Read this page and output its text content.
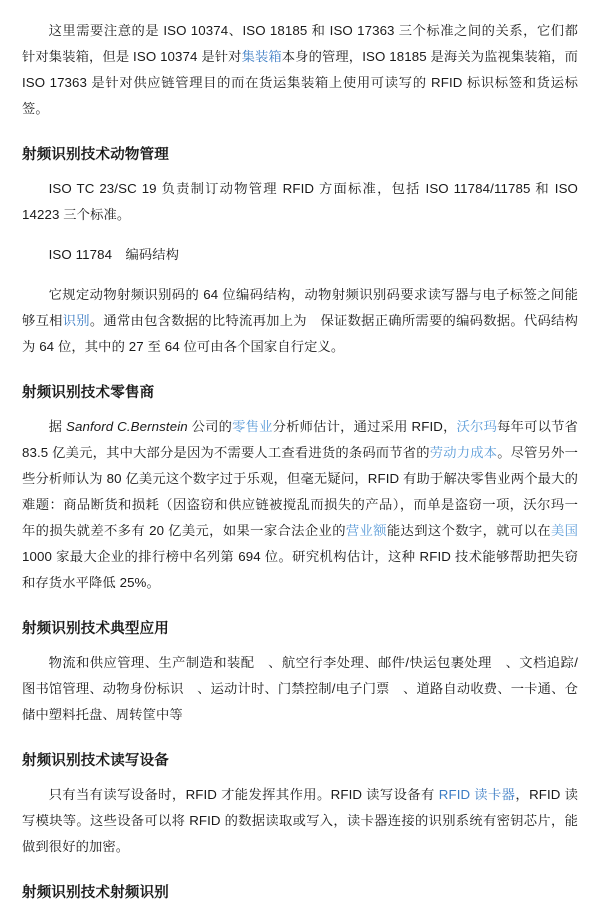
这里需要注意的是 ISO 10374、ISO 18185 和 ISO 17363 三个标准之间的关系，它们都针对集装箱，但是 ISO 10374 是针对集装箱本身的管理，ISO 18185 是海关为监视集装箱，而 ISO 17363 是针对供应链管理目的而在货运集装箱上使用可读写的 RFID 标识标签和货运标签。

射频识别技术动物管理

ISO TC 23/SC 19 负责制订动物管理 RFID 方面标准，包括 ISO 11784/11785 和 ISO 14223 三个标准。

ISO 11784　编码结构

它规定动物射频识别码的 64 位编码结构，动物射频识别码要求读写器与电子标签之间能够互相识别。通常由包含数据的比特流再加上为　保证数据正确所需要的编码数据。代码结构为 64 位，其中的 27 至 64 位可由各个国家自行定义。

射频识别技术零售商

据 Sanford C.Bernstein 公司的零售业分析师估计，通过采用 RFID，沃尔玛每年可以节省 83.5 亿美元，其中大部分是因为不需要人工查看进货的条码而节省的劳动力成本。尽管另外一些分析师认为 80 亿美元这个数字过于乐观，但毫无疑问，RFID 有助于解决零售业两个最大的难题：商品断货和损耗（因盗窃和供应链被搅乱而损失的产品），而单是盗窃一项，沃尔玛一年的损失就差不多有 20 亿美元，如果一家合法企业的营业额能达到这个数字，就可以在美国 1000 家最大企业的排行榜中名列第 694 位。研究机构估计，这种 RFID 技术能够帮助把失窃和存货水平降低 25%。

射频识别技术典型应用

物流和供应管理、生产制造和装配　、航空行李处理、邮件/快运包裹处理　、文档追踪/图书馆管理、动物身份标识　、运动计时、门禁控制/电子门票　、道路自动收费、一卡通、仓储中塑料托盘、周转筐中等

射频识别技术读写设备

只有当有读写设备时，RFID 才能发挥其作用。RFID 读写设备有 RFID 读卡器，RFID 读写模块等。这些设备可以将 RFID 的数据读取或写入，读卡器连接的识别系统有密钥芯片，能做到很好的加密。

射频识别技术射频识别
